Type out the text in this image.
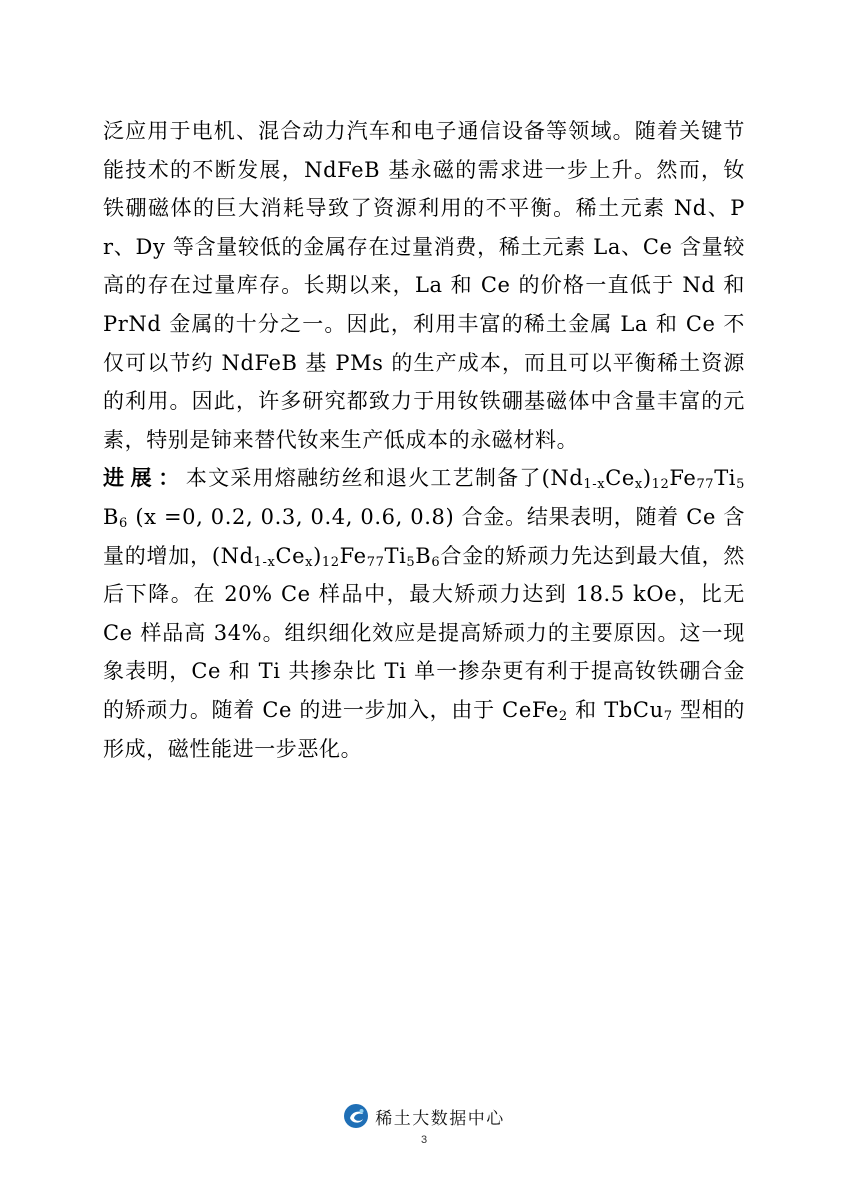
泛应用于电机、混合动力汽车和电子通信设备等领域。随着关键节能技术的不断发展，NdFeB 基永磁的需求进一步上升。然而，钕铁硼磁体的巨大消耗导致了资源利用的不平衡。稀土元素 Nd、Pr、Dy 等含量较低的金属存在过量消费，稀土元素 La、Ce 含量较高的存在过量库存。长期以来，La 和 Ce 的价格一直低于 Nd 和 PrNd 金属的十分之一。因此，利用丰富的稀土金属 La 和 Ce 不仅可以节约 NdFeB 基 PMs 的生产成本，而且可以平衡稀土资源的利用。因此，许多研究都致力于用钕铁硼基磁体中含量丰富的元素，特别是铈来替代钕来生产低成本的永磁材料。

进展：本文采用熔融纺丝和退火工艺制备了$(Nd_{1-x}Ce_x)_{12}Fe_{77}Ti_5B_6$ (x =0, 0.2, 0.3, 0.4, 0.6, 0.8) 合金。结果表明，随着 Ce 含量的增加，$(Nd_{1-x}Ce_x)_{12}Fe_{77}Ti_5B_6$合金的矫顽力先达到最大值，然后下降。在 20% Ce 样品中，最大矫顽力达到 18.5 kOe，比无 Ce 样品高 34%。组织细化效应是提高矫顽力的主要原因。这一现象表明，Ce 和 Ti 共掺杂比 Ti 单一掺杂更有利于提高钕铁硼合金的矫顽力。随着 Ce 的进一步加入，由于 CeFe$_2$ 和 TbCu$_7$ 型相的形成，磁性能进一步恶化。

稀土大数据中心
3
